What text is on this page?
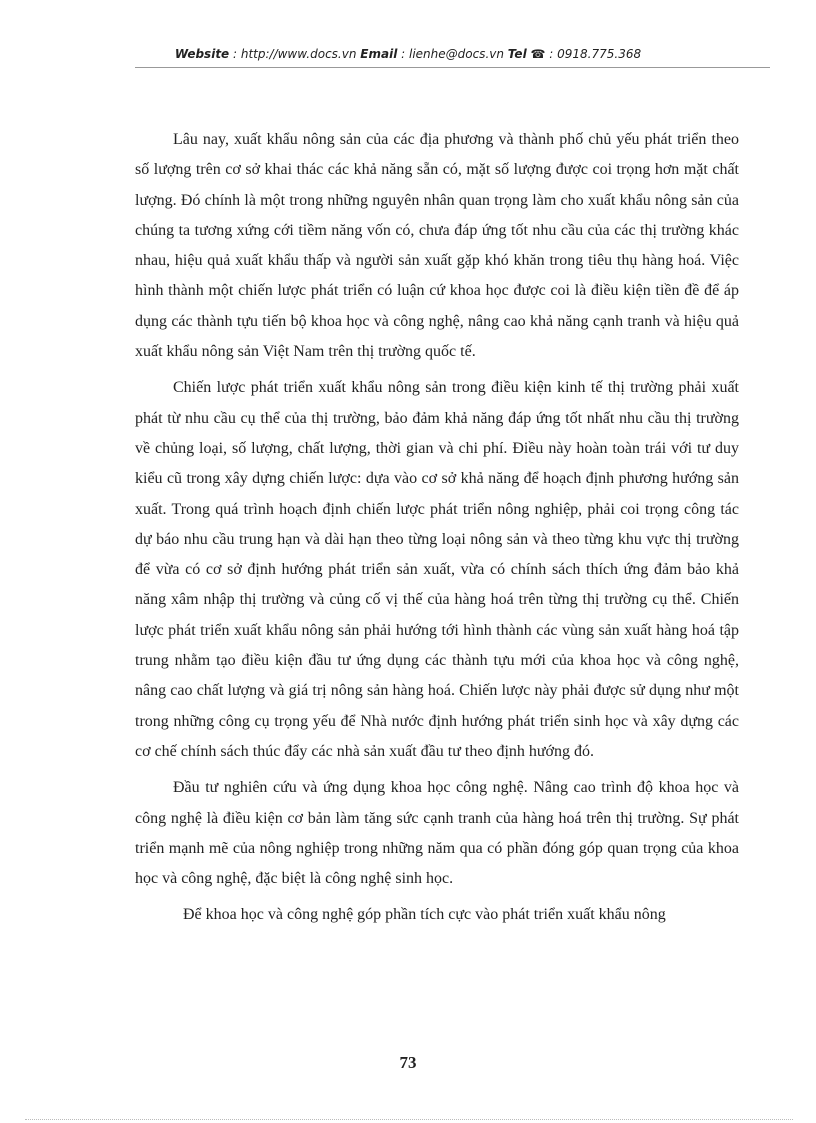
Website : http://www.docs.vn Email : lienhe@docs.vn Tel ☎ : 0918.775.368

Lâu nay, xuất khẩu nông sản của các địa phương và thành phố chủ yếu phát triển theo số lượng trên cơ sở khai thác các khả năng sẵn có, mặt số lượng được coi trọng hơn mặt chất lượng. Đó chính là một trong những nguyên nhân quan trọng làm cho xuất khẩu nông sản của chúng ta tương xứng cới tiềm năng vốn có, chưa đáp ứng tốt nhu cầu của các thị trường khác nhau, hiệu quả xuất khẩu thấp và người sản xuất gặp khó khăn trong tiêu thụ hàng hoá. Việc hình thành một chiến lược phát triển có luận cứ khoa học được coi là điều kiện tiền đề để áp dụng các thành tựu tiến bộ khoa học và công nghệ, nâng cao khả năng cạnh tranh và hiệu quả xuất khẩu nông sản Việt Nam trên thị trường quốc tế.

Chiến lược phát triển xuất khẩu nông sản trong điều kiện kinh tế thị trường phải xuất phát từ nhu cầu cụ thể của thị trường, bảo đảm khả năng đáp ứng tốt nhất nhu cầu thị trường về chủng loại, số lượng, chất lượng, thời gian và chi phí. Điều này hoàn toàn trái với tư duy kiểu cũ trong xây dựng chiến lược: dựa vào cơ sở khả năng để hoạch định phương hướng sản xuất. Trong quá trình hoạch định chiến lược phát triển nông nghiệp, phải coi trọng công tác dự báo nhu cầu trung hạn và dài hạn theo từng loại nông sản và theo từng khu vực thị trường để vừa có cơ sở định hướng phát triển sản xuất, vừa có chính sách thích ứng đảm bảo khả năng xâm nhập thị trường và củng cố vị thế của hàng hoá trên từng thị trường cụ thể. Chiến lược phát triển xuất khẩu nông sản phải hướng tới hình thành các vùng sản xuất hàng hoá tập trung nhằm tạo điều kiện đầu tư ứng dụng các thành tựu mới của khoa học và công nghệ, nâng cao chất lượng và giá trị nông sản hàng hoá. Chiến lược này phải được sử dụng như một trong những công cụ trọng yếu để Nhà nước định hướng phát triển sinh học và xây dựng các cơ chế chính sách thúc đẩy các nhà sản xuất đầu tư theo định hướng đó.

Đầu tư nghiên cứu và ứng dụng khoa học công nghệ. Nâng cao trình độ khoa học và công nghệ là điều kiện cơ bản làm tăng sức cạnh tranh của hàng hoá trên thị trường. Sự phát triển mạnh mẽ của nông nghiệp trong những năm qua có phần đóng góp quan trọng của khoa học và công nghệ, đặc biệt là công nghệ sinh học.

Để khoa học và công nghệ góp phần tích cực vào phát triển xuất khẩu nông

73
